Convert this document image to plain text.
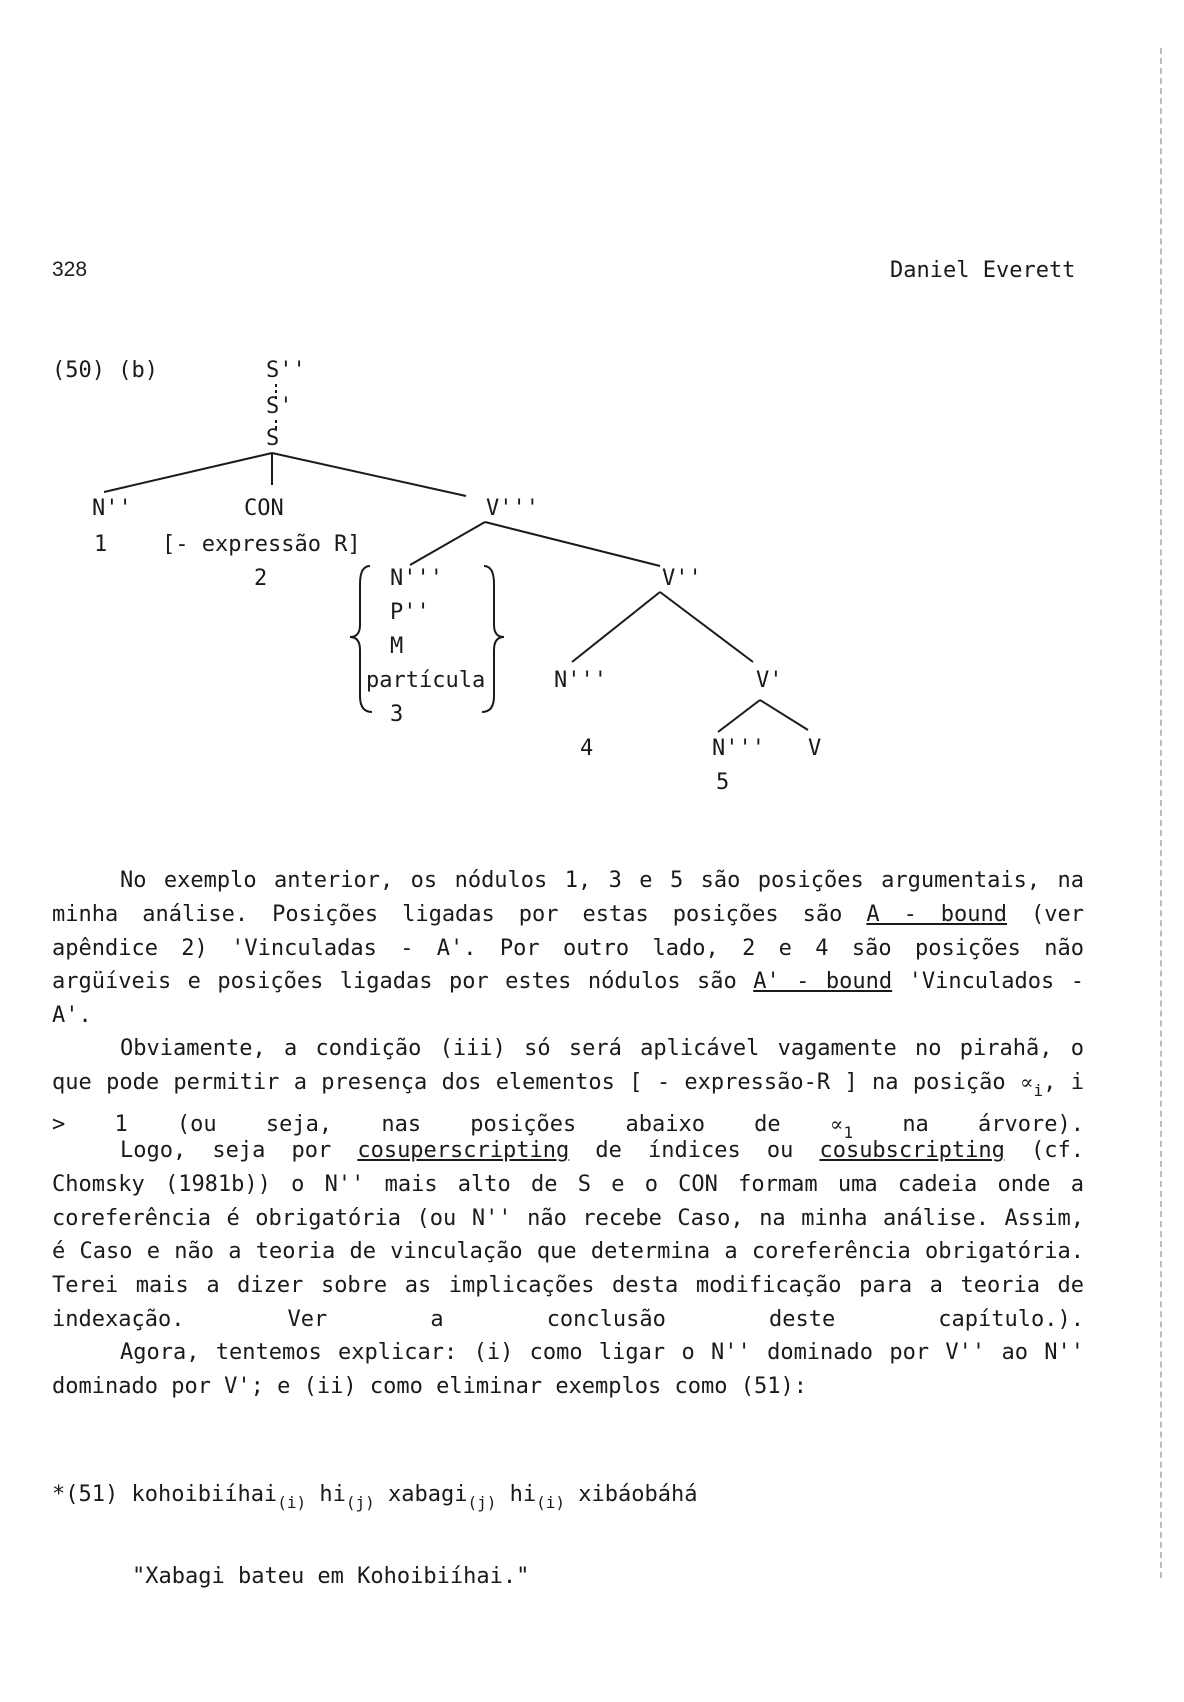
328	Daniel Everett
(50) (b)	S''
S'
S
N''
1
CON
[- expressão R]
2
V'''
N'''
P''
M
partícula
3
V''
N'''
4
V'
N'''
5
V
No exemplo anterior, os nódulos 1, 3 e 5 são posições argumentais, na minha análise. Posições ligadas por estas posições são A - bound (ver apêndice 2) 'Vinculadas - A'. Por outro lado, 2 e 4 são posições não argüíveis e posições ligadas por estes nódulos são A' - bound 'Vinculados - A'.
Obviamente, a condição (iii) só será aplicável vagamente no pirahã, o que pode permitir a presença dos elementos [ - expressão-R ] na posição $\propto_i$, i > 1 (ou seja, nas posições abaixo de $\propto_1$ na árvore).
Logo, seja por cosuperscripting de índices ou cosubscripting (cf. Chomsky (1981b)) o N'' mais alto de S e o CON formam uma cadeia onde a coreferência é obrigatória (ou N'' não recebe Caso, na minha análise. Assim, é Caso e não a teoria de vinculação que determina a coreferência obrigatória. Terei mais a dizer sobre as implicações desta modificação para a teoria de indexação. Ver a conclusão deste capítulo.).
Agora, tentemos explicar: (i) como ligar o N'' dominado por V'' ao N'' dominado por V'; e (ii) como eliminar exemplos como (51):
*(51) kohoibiíhai$_{(i)}$ $hi_{(j)}$ xabagi$_{(j)}$ $hi_{(i)}$ xibáobáhá
"Xabagi bateu em Kohoibiíhai."
